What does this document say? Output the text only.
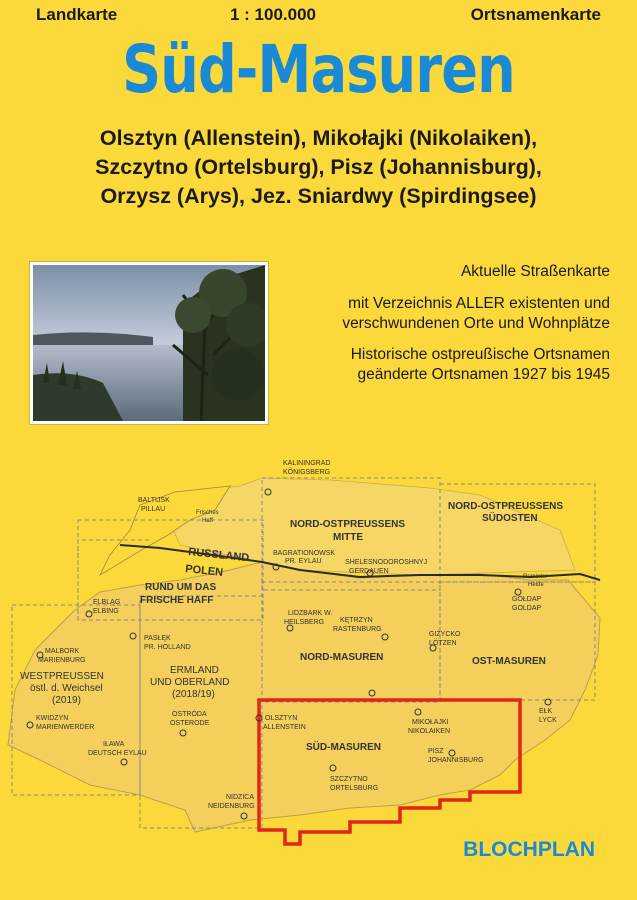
Landkarte	1 : 100.000	Ortsnamenkarte
Süd-Masuren
Olsztyn (Allenstein), Mikołajki (Nikolaiken),
Szczytno (Ortelsburg), Pisz (Johannisburg),
Orzysz (Arys), Jez. Sniardwy (Spirdingsee)

Aktuelle Straßenkarte

mit Verzeichnis ALLER existenten und
verschwundenen Orte und Wohnplätze

Historische ostpreußische Ortsnamen
geänderte Ortsnamen 1927 bis 1945

RUSSLAND
POLEN
NORD-OSTPREUSSENS
MITTE
NORD-OSTPREUSSENS
SÜDOSTEN
RUND UM DAS
FRISCHE HAFF
NORD-MASUREN	OST-MASUREN
SÜD-MASUREN
WESTPREUSSEN
östl. d. Weichsel
(2019)
ERMLAND
UND OBERLAND
(2018/19)
KALININGRAD
KÖNIGSBERG
BALTIJSK
PILLAU	Frisches
Haff
BAGRATIONOWSK
PR. EYLAU	SHELESNODOROSHNYJ
GERDAUEN
Rominter
Heide
GOŁDAP
GOLDAP
ELBLĄG
ELBING	LIDZBARK W.
HEILSBERG KĘTRZYN
RASTENBURG
GIŻYCKO
LÖTZEN
MALBORK
MARIENBURG
PASŁĘK
PR. HOLLAND
KWIDZYN
MARIENWERDER
OSTRÓDA
OSTERODE
IŁAWA
DEUTSCH EYLAU
OLSZTYN
ALLENSTEIN
MIKOŁAJKI
NIKOLAIKEN
EŁK
LYCK
PISZ
JOHANNISBURG
SZCZYTNO
ORTELSBURG
NIDZICA
NEIDENBURG
BLOCHPLAN
